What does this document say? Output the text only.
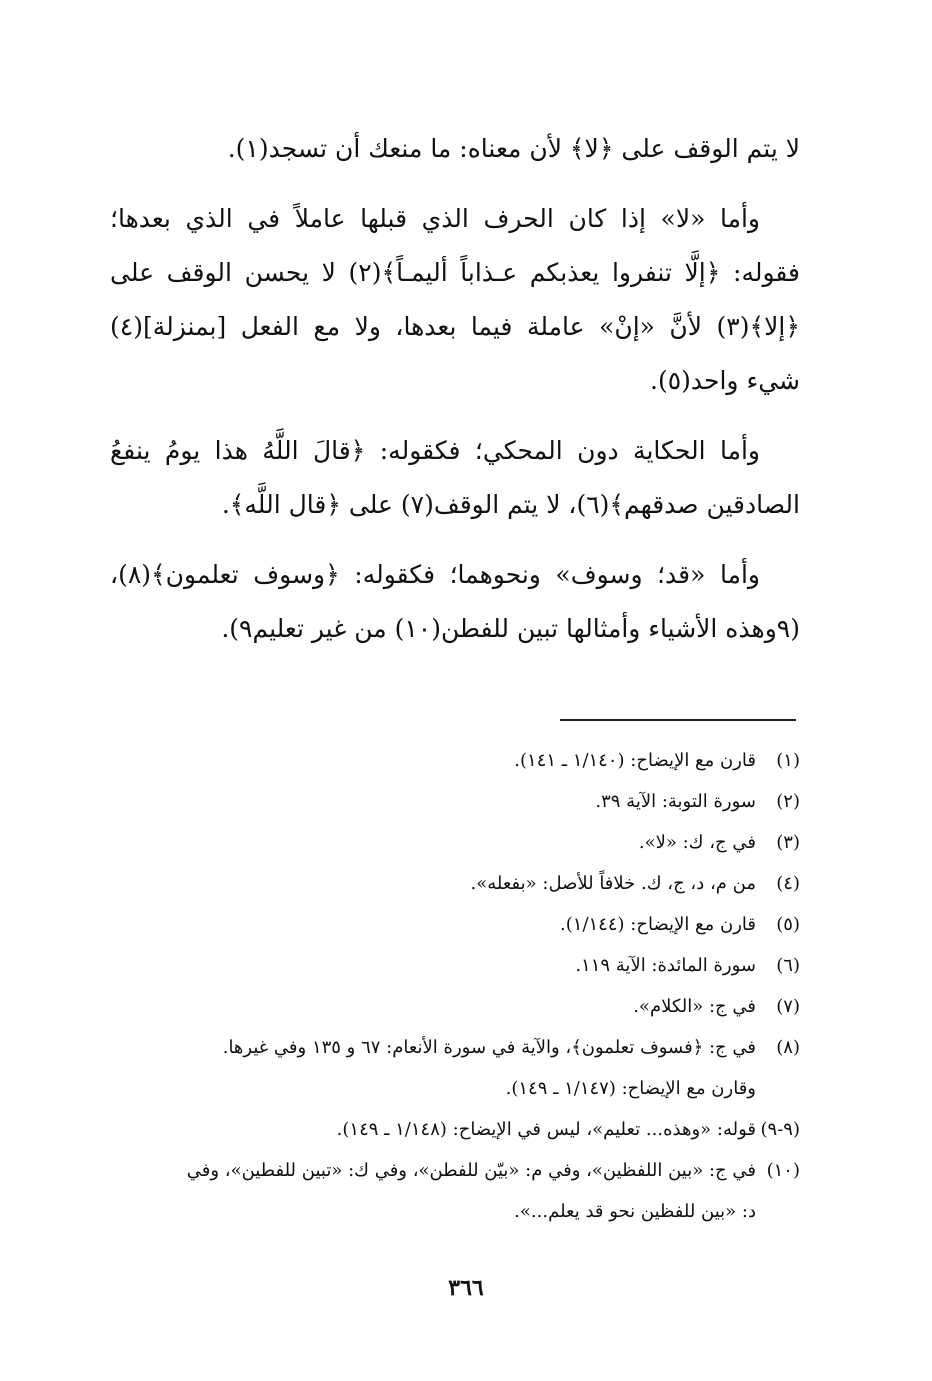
لا يتم الوقف على ﴿لا﴾ لأن معناه: ما منعك أن تسجد(١).

وأما «لا» إذا كان الحرف الذي قبلها عاملاً في الذي بعدها؛ فقوله: ﴿إلَّا تنفروا يعذبكم عـذاباً أليمـاً﴾(٢) لا يحسن الوقف على ﴿إلا﴾(٣) لأنَّ «إنْ» عاملة فيما بعدها، ولا مع الفعل [بمنزلة](٤) شيء واحد(٥).

وأما الحكاية دون المحكي؛ فكقوله: ﴿قالَ اللَّهُ هذا يومُ ينفعُ الصادقين صدقهم﴾(٦)، لا يتم الوقف(٧) على ﴿قال اللَّه﴾.

وأما «قد؛ وسوف» ونحوهما؛ فكقوله: ﴿وسوف تعلمون﴾(٨)، (٩وهذه الأشياء وأمثالها تبين للفطن(١٠) من غير تعليم٩).

(١)
قارن مع الإيضاح: (١/١٤٠ ـ ١٤١).
(٢)
سورة التوبة: الآية ٣٩.
(٣)
في ج، ك: «لا».
(٤)
من م، د، ج، ك. خلافاً للأصل: «بفعله».
(٥)
قارن مع الإيضاح: (١/١٤٤).
(٦)
سورة المائدة: الآية ١١٩.
(٧)
في ج: «الكلام».
(٨)
في ج: ﴿فسوف تعلمون﴾، والآية في سورة الأنعام: ٦٧ و ١٣٥ وفي غيرها.
وقارن مع الإيضاح: (١/١٤٧ ـ ١٤٩).
(٩-٩)
قوله: «وهذه... تعليم»، ليس في الإيضاح: (١/١٤٨ ـ ١٤٩).
(١٠)
في ج: «بين اللفظين»، وفي م: «بيّن للفطن»، وفي ك: «تبين للفطين»، وفي
د: «بين للفظين نحو قد يعلم...».
٣٦٦
